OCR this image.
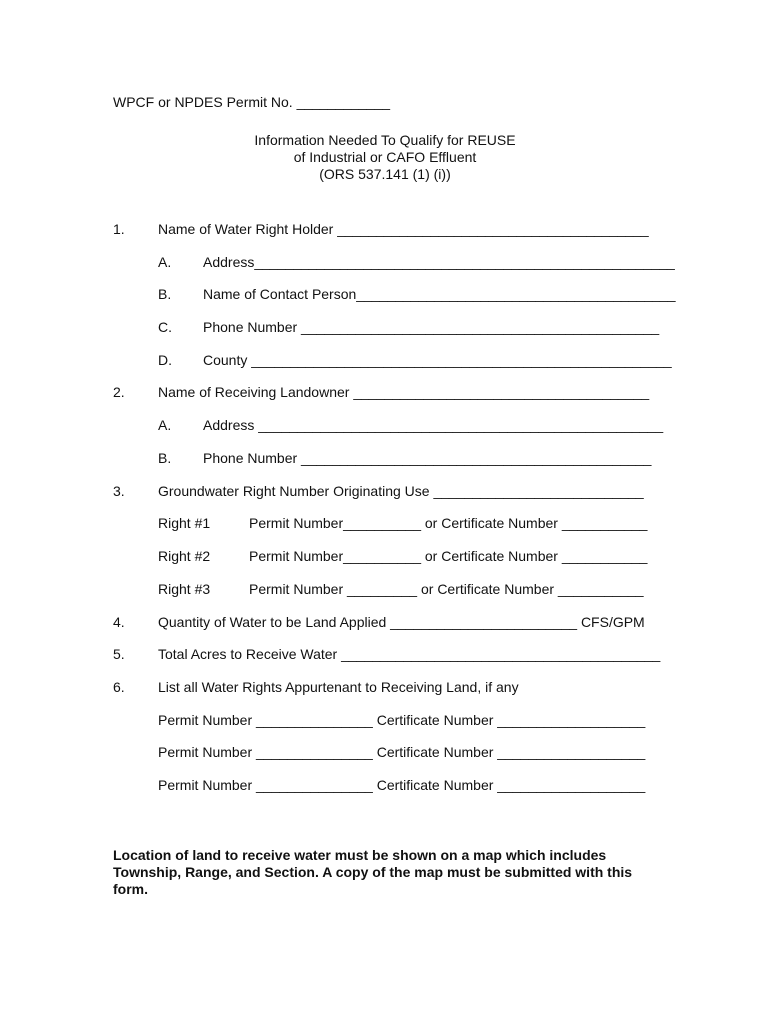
WPCF or NPDES Permit No. ____________
Information Needed To Qualify for REUSE
of Industrial or CAFO Effluent
(ORS 537.141 (1) (i))
1. Name of Water Right Holder ________________________________________
A. Address______________________________________________________
B. Name of Contact Person_________________________________________
C. Phone Number ______________________________________________
D. County ______________________________________________________
2. Name of Receiving Landowner ______________________________________
A. Address ____________________________________________________
B. Phone Number _____________________________________________
3. Groundwater Right Number Originating Use ___________________________
Right #1	Permit Number__________ or Certificate Number ___________
Right #2	Permit Number__________ or Certificate Number ___________
Right #3	Permit Number _________ or Certificate Number ___________
4. Quantity of Water to be Land Applied ________________________ CFS/GPM
5. Total Acres to Receive Water _________________________________________
6. List all Water Rights Appurtenant to Receiving Land, if any
Permit Number _______________ Certificate Number ___________________
Permit Number _______________ Certificate Number ___________________
Permit Number _______________ Certificate Number ___________________
Location of land to receive water must be shown on a map which includes Township, Range, and Section. A copy of the map must be submitted with this form.
